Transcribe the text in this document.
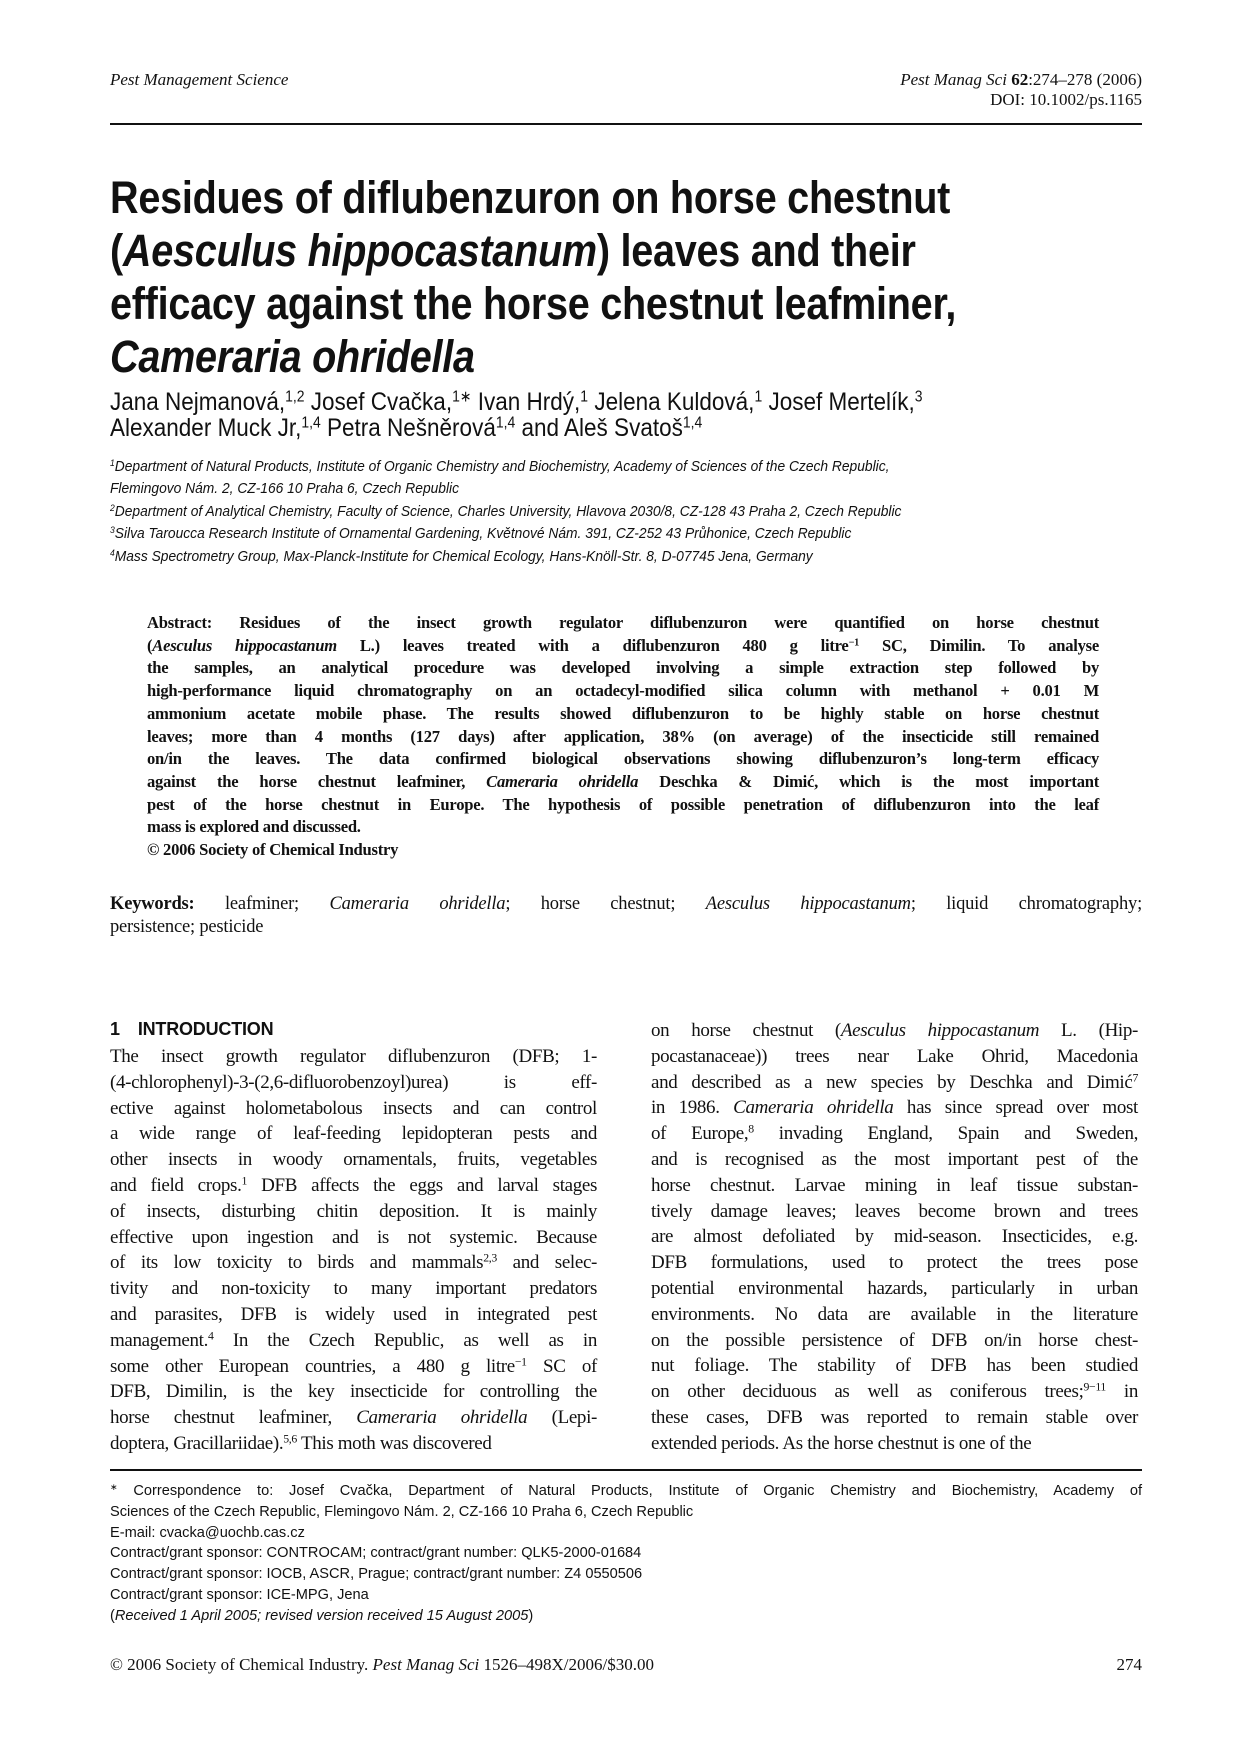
Pest Management Science	Pest Manag Sci 62:274–278 (2006)
DOI: 10.1002/ps.1165
Residues of diflubenzuron on horse chestnut
(Aesculus hippocastanum) leaves and their
efficacy against the horse chestnut leafminer,
Cameraria ohridella
Jana Nejmanová,$^{1,2}$ Josef Cvačka,$^{1∗}$ Ivan Hrdý,$^1$ Jelena Kuldová,$^1$ Josef Mertelík,$^3$
Alexander Muck Jr,$^{1,4}$ Petra Nešněrová$^{1,4}$ and Aleš Svatoš$^{1,4}$
$^1$Department of Natural Products, Institute of Organic Chemistry and Biochemistry, Academy of Sciences of the Czech Republic,
Flemingovo Nám. 2, CZ-166 10 Praha 6, Czech Republic
$^2$Department of Analytical Chemistry, Faculty of Science, Charles University, Hlavova 2030/8, CZ-128 43 Praha 2, Czech Republic
$^3$Silva Taroucca Research Institute of Ornamental Gardening, Květnové Nám. 391, CZ-252 43 Průhonice, Czech Republic
$^4$Mass Spectrometry Group, Max-Planck-Institute for Chemical Ecology, Hans-Knöll-Str. 8, D-07745 Jena, Germany
Abstract: Residues of the insect growth regulator diflubenzuron were quantified on horse chestnut
(Aesculus hippocastanum L.) leaves treated with a diflubenzuron 480 g litre$^{-1}$ SC, Dimilin. To analyse
the samples, an analytical procedure was developed involving a simple extraction step followed by
high-performance liquid chromatography on an octadecyl-modified silica column with methanol + 0.01 M
ammonium acetate mobile phase. The results showed diflubenzuron to be highly stable on horse chestnut
leaves; more than 4 months (127 days) after application, 38% (on average) of the insecticide still remained
on/in the leaves. The data confirmed biological observations showing diflubenzuron’s long-term efficacy
against the horse chestnut leafminer, Cameraria ohridella Deschka & Dimić, which is the most important
pest of the horse chestnut in Europe. The hypothesis of possible penetration of diflubenzuron into the leaf
mass is explored and discussed.
© 2006 Society of Chemical Industry
Keywords: leafminer; Cameraria ohridella; horse chestnut; Aesculus hippocastanum; liquid chromatography;
persistence; pesticide
1 INTRODUCTION
The insect growth regulator diflubenzuron (DFB; 1-
(4-chlorophenyl)-3-(2,6-difluorobenzoyl)urea) is eff-
ective against holometabolous insects and can control
a wide range of leaf-feeding lepidopteran pests and
other insects in woody ornamentals, fruits, vegetables
and field crops.$^1$ DFB affects the eggs and larval stages
of insects, disturbing chitin deposition. It is mainly
effective upon ingestion and is not systemic. Because
of its low toxicity to birds and mammals$^{2,3}$ and selec-
tivity and non-toxicity to many important predators
and parasites, DFB is widely used in integrated pest
management.$^4$ In the Czech Republic, as well as in
some other European countries, a 480 g litre$^{-1}$ SC of
DFB, Dimilin, is the key insecticide for controlling the
horse chestnut leafminer, Cameraria ohridella (Lepi-
doptera, Gracillariidae).$^{5,6}$ This moth was discovered
on horse chestnut (Aesculus hippocastanum L. (Hip-
pocastanaceae)) trees near Lake Ohrid, Macedonia
and described as a new species by Deschka and Dimić$^7$
in 1986. Cameraria ohridella has since spread over most
of Europe,$^8$ invading England, Spain and Sweden,
and is recognised as the most important pest of the
horse chestnut. Larvae mining in leaf tissue substan-
tively damage leaves; leaves become brown and trees
are almost defoliated by mid-season. Insecticides, e.g.
DFB formulations, used to protect the trees pose
potential environmental hazards, particularly in urban
environments. No data are available in the literature
on the possible persistence of DFB on/in horse chest-
nut foliage. The stability of DFB has been studied
on other deciduous as well as coniferous trees;$^{9-11}$ in
these cases, DFB was reported to remain stable over
extended periods. As the horse chestnut is one of the
∗ Correspondence to: Josef Cvačka, Department of Natural Products, Institute of Organic Chemistry and Biochemistry, Academy of
Sciences of the Czech Republic, Flemingovo Nám. 2, CZ-166 10 Praha 6, Czech Republic
E-mail: cvacka@uochb.cas.cz
Contract/grant sponsor: CONTROCAM; contract/grant number: QLK5-2000-01684
Contract/grant sponsor: IOCB, ASCR, Prague; contract/grant number: Z4 0550506
Contract/grant sponsor: ICE-MPG, Jena
(Received 1 April 2005; revised version received 15 August 2005)
© 2006 Society of Chemical Industry. Pest Manag Sci 1526–498X/2006/$30.00	274
